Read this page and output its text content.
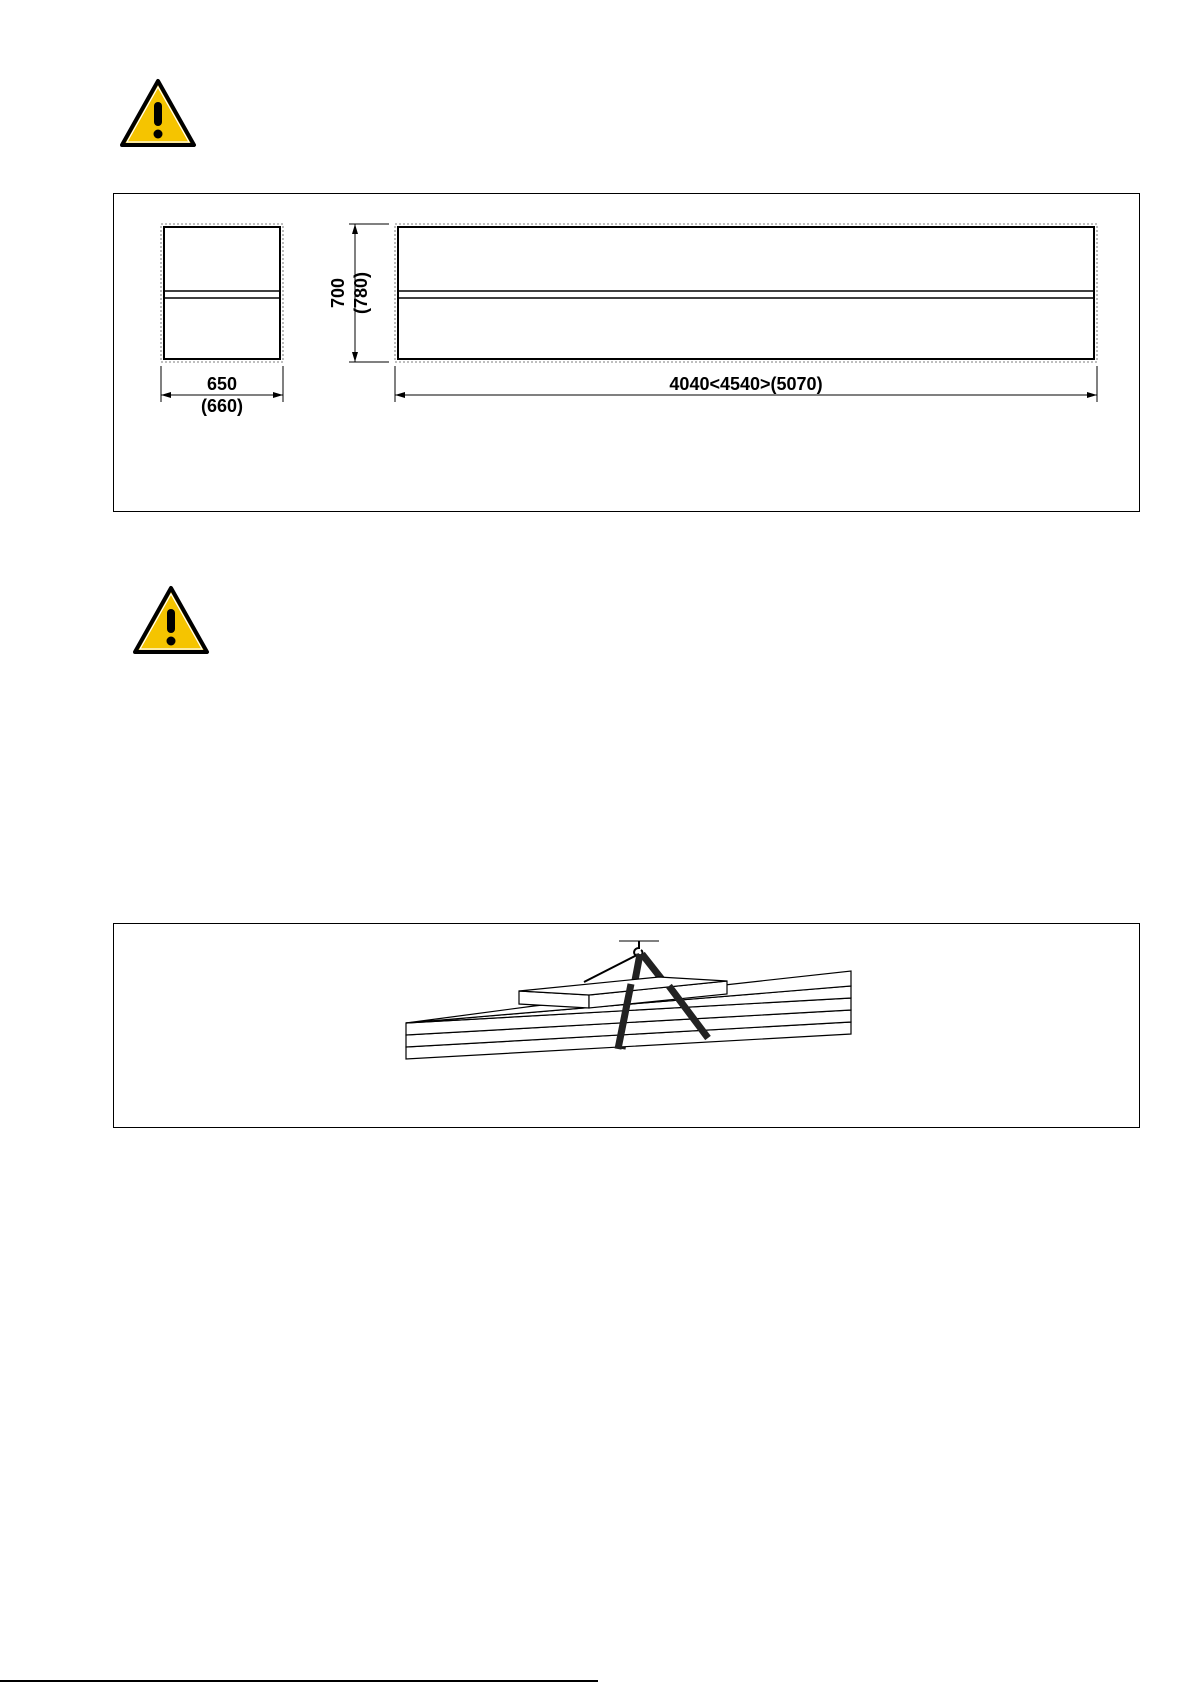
650
(660)
700 (780)
4040<4540>(5070)
